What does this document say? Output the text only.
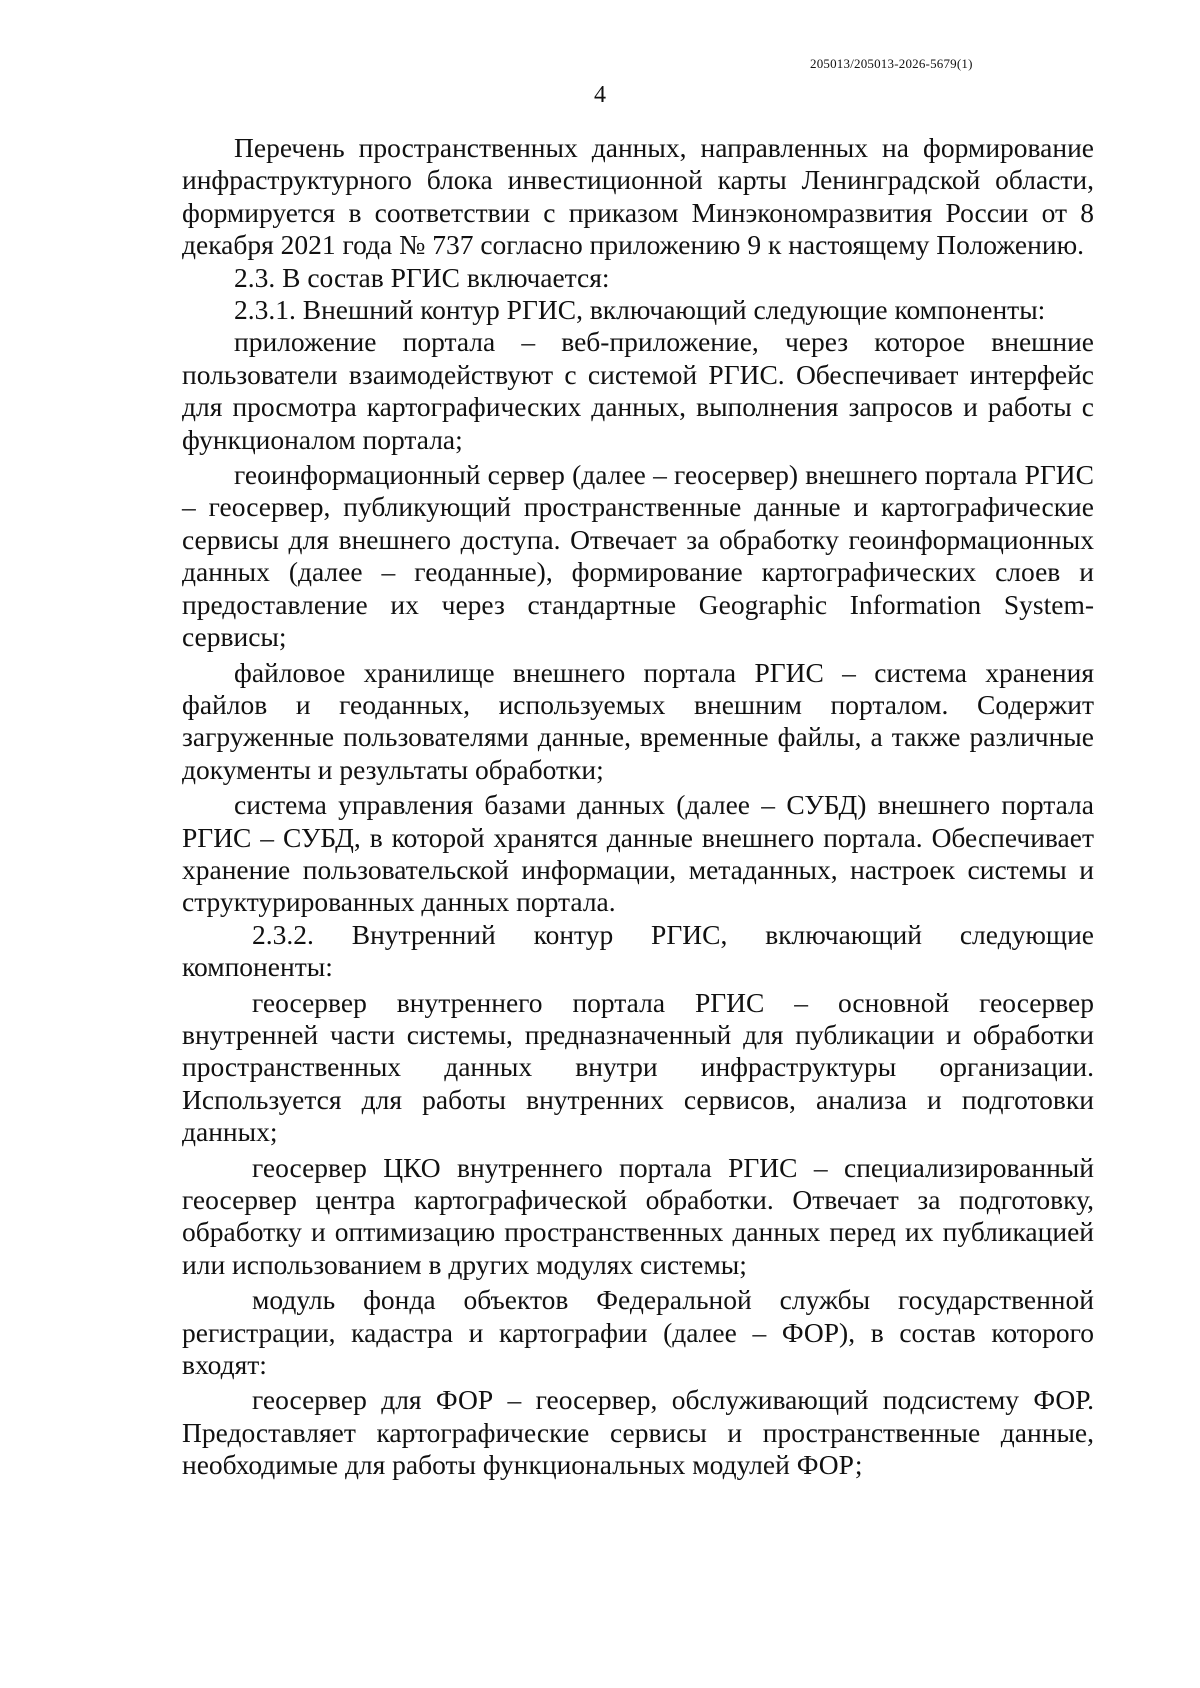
205013/205013-2026-5679(1)
4

Перечень пространственных данных, направленных на формирование инфраструктурного блока инвестиционной карты Ленинградской области, формируется в соответствии с приказом Минэкономразвития России от 8 декабря 2021 года № 737 согласно приложению 9 к настоящему Положению.

2.3. В состав РГИС включается:

2.3.1. Внешний контур РГИС, включающий следующие компоненты:

приложение портала – веб-приложение, через которое внешние пользователи взаимодействуют с системой РГИС. Обеспечивает интерфейс для просмотра картографических данных, выполнения запросов и работы с функционалом портала;

геоинформационный сервер (далее – геосервер) внешнего портала РГИС – геосервер, публикующий пространственные данные и картографические сервисы для внешнего доступа. Отвечает за обработку геоинформационных данных (далее – геоданные), формирование картографических слоев и предоставление их через стандартные Geographic Information System-сервисы;

файловое хранилище внешнего портала РГИС – система хранения файлов и геоданных, используемых внешним порталом. Содержит загруженные пользователями данные, временные файлы, а также различные документы и результаты обработки;

система управления базами данных (далее – СУБД) внешнего портала РГИС – СУБД, в которой хранятся данные внешнего портала. Обеспечивает хранение пользовательской информации, метаданных, настроек системы и структурированных данных портала.

2.3.2. Внутренний контур РГИС, включающий следующие компоненты:

геосервер внутреннего портала РГИС – основной геосервер внутренней части системы, предназначенный для публикации и обработки пространственных данных внутри инфраструктуры организации. Используется для работы внутренних сервисов, анализа и подготовки данных;

геосервер ЦКО внутреннего портала РГИС – специализированный геосервер центра картографической обработки. Отвечает за подготовку, обработку и оптимизацию пространственных данных перед их публикацией или использованием в других модулях системы;

модуль фонда объектов Федеральной службы государственной регистрации, кадастра и картографии (далее – ФОР), в состав которого входят:

геосервер для ФОР – геосервер, обслуживающий подсистему ФОР. Предоставляет картографические сервисы и пространственные данные, необходимые для работы функциональных модулей ФОР;
